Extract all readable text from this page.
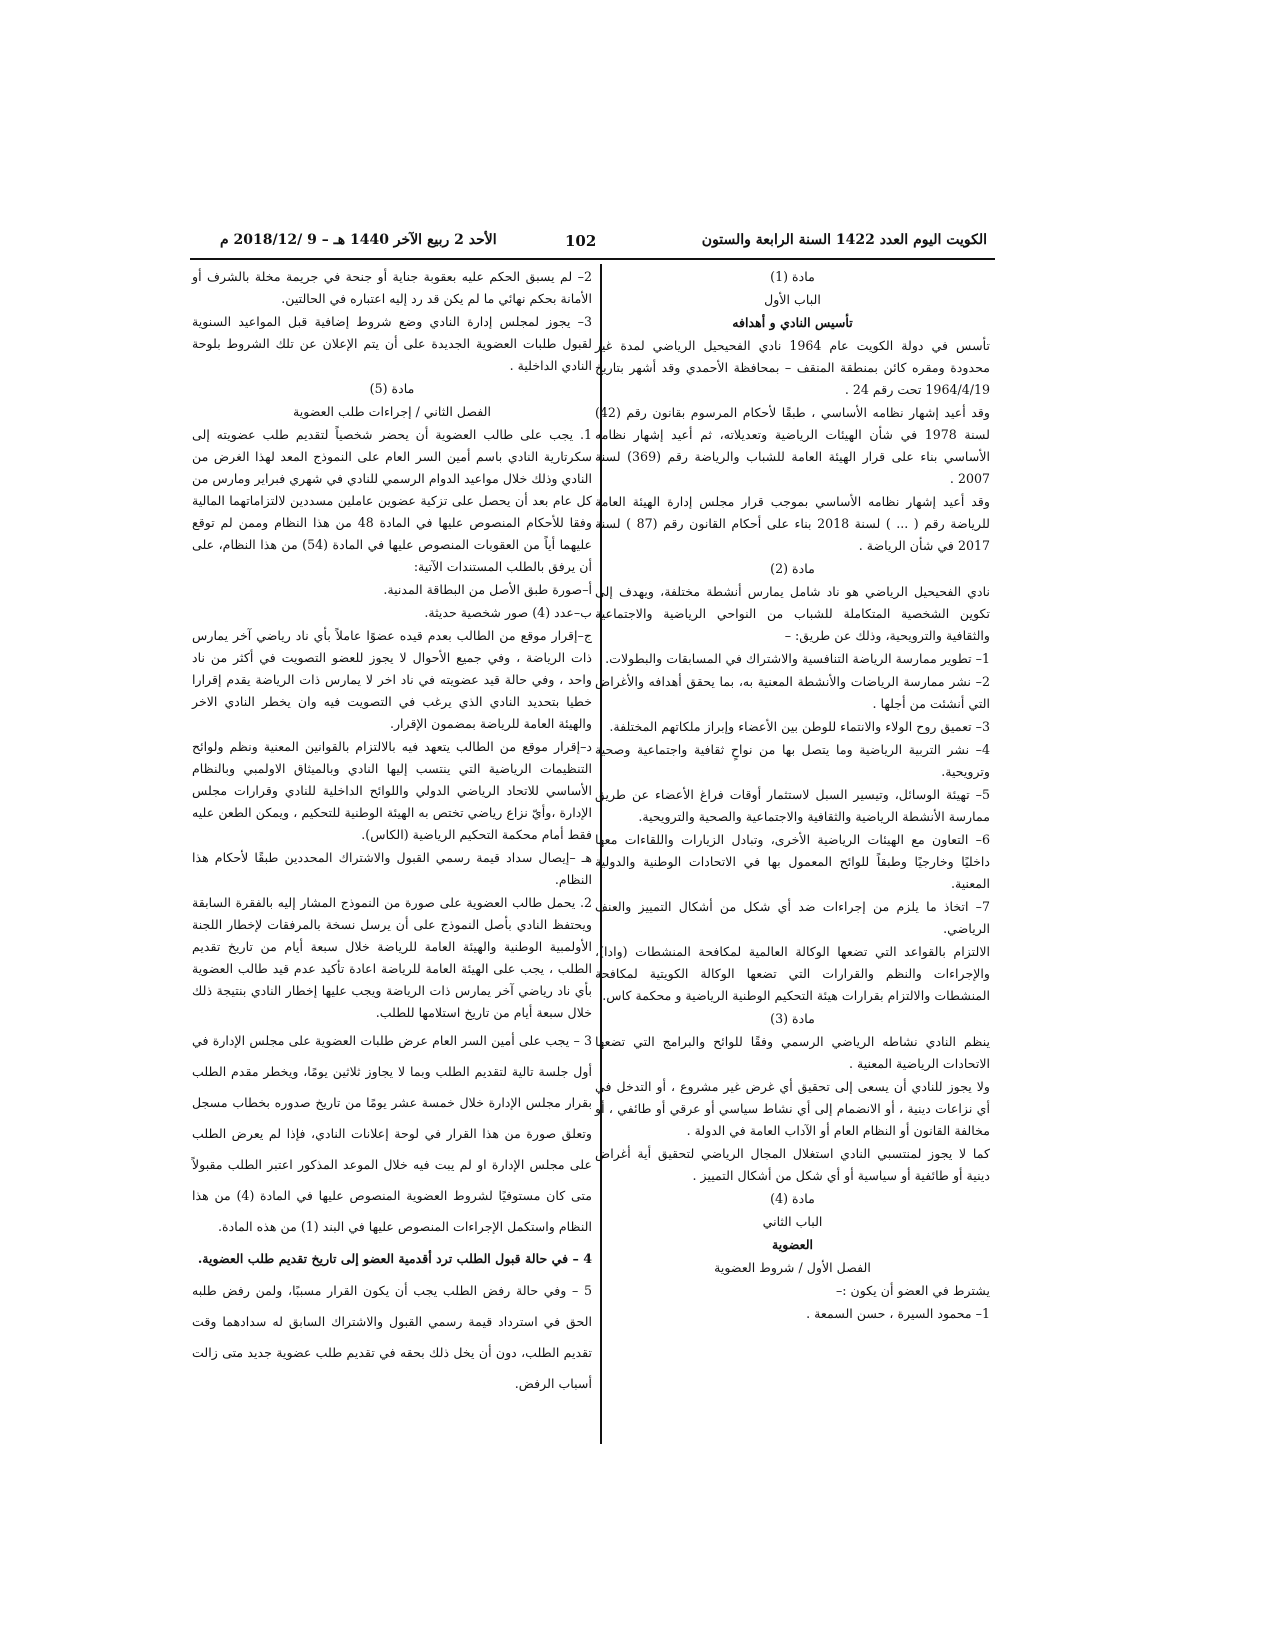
الكويت اليوم العدد 1422 السنة الرابعة والستون
102
الأحد 2 ربيع الآخر 1440 هـ – 9 /2018/12 م

مادة (1)

الباب الأول

تأسيس النادي و أهدافه

تأسس في دولة الكويت عام 1964 نادي الفحيحيل الرياضي لمدة غير محدودة ومقره كائن بمنطقة المنقف – بمحافظة الأحمدي وقد أشهر بتاريخ 1964/4/19 تحت رقم 24 .

وقد أعيد إشهار نظامه الأساسي ، طبقًا لأحكام المرسوم بقانون رقم (42) لسنة 1978 في شأن الهيئات الرياضية وتعديلاته، ثم أعيد إشهار نظامه الأساسي بناء على قرار الهيئة العامة للشباب والرياضة رقم (369) لسنة 2007 .

وقد أعيد إشهار نظامه الأساسي بموجب قرار مجلس إدارة الهيئة العامة للرياضة رقم ( ... ) لسنة 2018 بناء على أحكام القانون رقم (87 ) لسنة 2017 في شأن الرياضة .

مادة (2)

نادي الفحيحيل الرياضي هو ناد شامل يمارس أنشطة مختلفة، ويهدف إلى تكوين الشخصية المتكاملة للشباب من النواحي الرياضية والاجتماعية والثقافية والترويحية، وذلك عن طريق: –

1– تطوير ممارسة الرياضة التنافسية والاشتراك في المسابقات والبطولات.

2– نشر ممارسة الرياضات والأنشطة المعنية به، بما يحقق أهدافه والأغراض التي أنشئت من أجلها .

3– تعميق روح الولاء والانتماء للوطن بين الأعضاء وإبراز ملكاتهم المختلفة.

4– نشر التربية الرياضية وما يتصل بها من نواحٍ ثقافية واجتماعية وصحية وترويحية.

5– تهيئة الوسائل، وتيسير السبل لاستثمار أوقات فراغ الأعضاء عن طريق ممارسة الأنشطة الرياضية والثقافية والاجتماعية والصحية والترويحية.

6– التعاون مع الهيئات الرياضية الأخرى، وتبادل الزيارات واللقاءات معها داخليًا وخارجيًا وطبقاً للوائح المعمول بها في الاتحادات الوطنية والدولية المعنية.

7– اتخاذ ما يلزم من إجراءات ضد أي شكل من أشكال التمييز والعنف الرياضي.

الالتزام بالقواعد التي تضعها الوكالة العالمية لمكافحة المنشطات (وادا)، والإجراءات والنظم والقرارات التي تضعها الوكالة الكويتية لمكافحة المنشطات والالتزام بقرارات هيئة التحكيم الوطنية الرياضية و محكمة كاس.

مادة (3)

ينظم النادي نشاطه الرياضي الرسمي وفقًا للوائح والبرامج التي تضعها الاتحادات الرياضية المعنية .

ولا يجوز للنادي أن يسعى إلى تحقيق أي غرض غير مشروع ، أو التدخل في أي نزاعات دينية ، أو الانضمام إلى أي نشاط سياسي أو عرقي أو طائفي ، أو مخالفة القانون أو النظام العام أو الآداب العامة في الدولة .

كما لا يجوز لمنتسبي النادي استغلال المجال الرياضي لتحقيق أية أغراض دينية أو طائفية أو سياسية أو أي شكل من أشكال التمييز .

مادة (4)

الباب الثاني

العضوية

الفصل الأول / شروط العضوية

يشترط في العضو أن يكون :–

1– محمود السيرة ، حسن السمعة .

2– لم يسبق الحكم عليه بعقوبة جناية أو جنحة في جريمة مخلة بالشرف أو الأمانة بحكم نهائي ما لم يكن قد رد إليه اعتباره في الحالتين.

3– يجوز لمجلس إدارة النادي وضع شروط إضافية قبل المواعيد السنوية لقبول طلبات العضوية الجديدة على أن يتم الإعلان عن تلك الشروط بلوحة النادي الداخلية .

مادة (5)

الفصل الثاني / إجراءات طلب العضوية

1. يجب على طالب العضوية أن يحضر شخصياً لتقديم طلب عضويته إلى سكرتارية النادي باسم أمين السر العام على النموذج المعد لهذا الغرض من النادي وذلك خلال مواعيد الدوام الرسمي للنادي في شهري فبراير ومارس من كل عام بعد أن يحصل على تزكية عضوين عاملين مسددين لالتزاماتهما المالية وفقا للأحكام المنصوص عليها في المادة 48 من هذا النظام وممن لم توقع عليهما أياً من العقوبات المنصوص عليها في المادة (54) من هذا النظام، على أن يرفق بالطلب المستندات الآتية:

أ–صورة طبق الأصل من البطاقة المدنية.

ب–عدد (4) صور شخصية حديثة.

ج–إقرار موقع من الطالب بعدم قيده عضوًا عاملاً بأي ناد رياضي آخر يمارس ذات الرياضة ، وفي جميع الأحوال لا يجوز للعضو التصويت في أكثر من ناد واحد ، وفي حالة قيد عضويته في ناد اخر لا يمارس ذات الرياضة يقدم إقرارا خطيا بتحديد النادي الذي يرغب في التصويت فيه وان يخطر النادي الاخر والهيئة العامة للرياضة بمضمون الإقرار.

د–إقرار موقع من الطالب يتعهد فيه بالالتزام بالقوانين المعنية ونظم ولوائح التنظيمات الرياضية التي ينتسب إليها النادي وبالميثاق الاولمبي وبالنظام الأساسي للاتحاد الرياضي الدولي واللوائح الداخلية للنادي وقرارات مجلس الإدارة ،وأيّ نزاع رياضي تختص به الهيئة الوطنية للتحكيم ، ويمكن الطعن عليه فقط أمام محكمة التحكيم الرياضية (الكاس).

هـ –إيصال سداد قيمة رسمي القبول والاشتراك المحددين طبقًا لأحكام هذا النظام.

2. يحمل طالب العضوية على صورة من النموذج المشار إليه بالفقرة السابقة ويحتفظ النادي بأصل النموذج على أن يرسل نسخة بالمرفقات لإخطار اللجنة الأولمبية الوطنية والهيئة العامة للرياضة خلال سبعة أيام من تاريخ تقديم الطلب ، يجب على الهيئة العامة للرياضة اعادة تأكيد عدم قيد طالب العضوية بأي ناد رياضي آخر يمارس ذات الرياضة ويجب عليها إخطار النادي بنتيجة ذلك خلال سبعة أيام من تاريخ استلامها للطلب.

3 – يجب على أمين السر العام عرض طلبات العضوية على مجلس الإدارة في أول جلسة تالية لتقديم الطلب وبما لا يجاوز ثلاثين يومًا، ويخطر مقدم الطلب بقرار مجلس الإدارة خلال خمسة عشر يومًا من تاريخ صدوره بخطاب مسجل وتعلق صورة من هذا القرار في لوحة إعلانات النادي، فإذا لم يعرض الطلب على مجلس الإدارة او لم يبت فيه خلال الموعد المذكور اعتبر الطلب مقبولاً متى كان مستوفيًا لشروط العضوية المنصوص عليها في المادة (4) من هذا النظام واستكمل الإجراءات المنصوص عليها في البند (1) من هذه المادة.

4 – في حالة قبول الطلب ترد أقدمية العضو إلى تاريخ تقديم طلب العضوية.

5 – وفي حالة رفض الطلب يجب أن يكون القرار مسببًا، ولمن رفض طلبه الحق في استرداد قيمة رسمي القبول والاشتراك السابق له سدادهما وقت تقديم الطلب، دون أن يخل ذلك بحقه في تقديم طلب عضوية جديد متى زالت أسباب الرفض.
